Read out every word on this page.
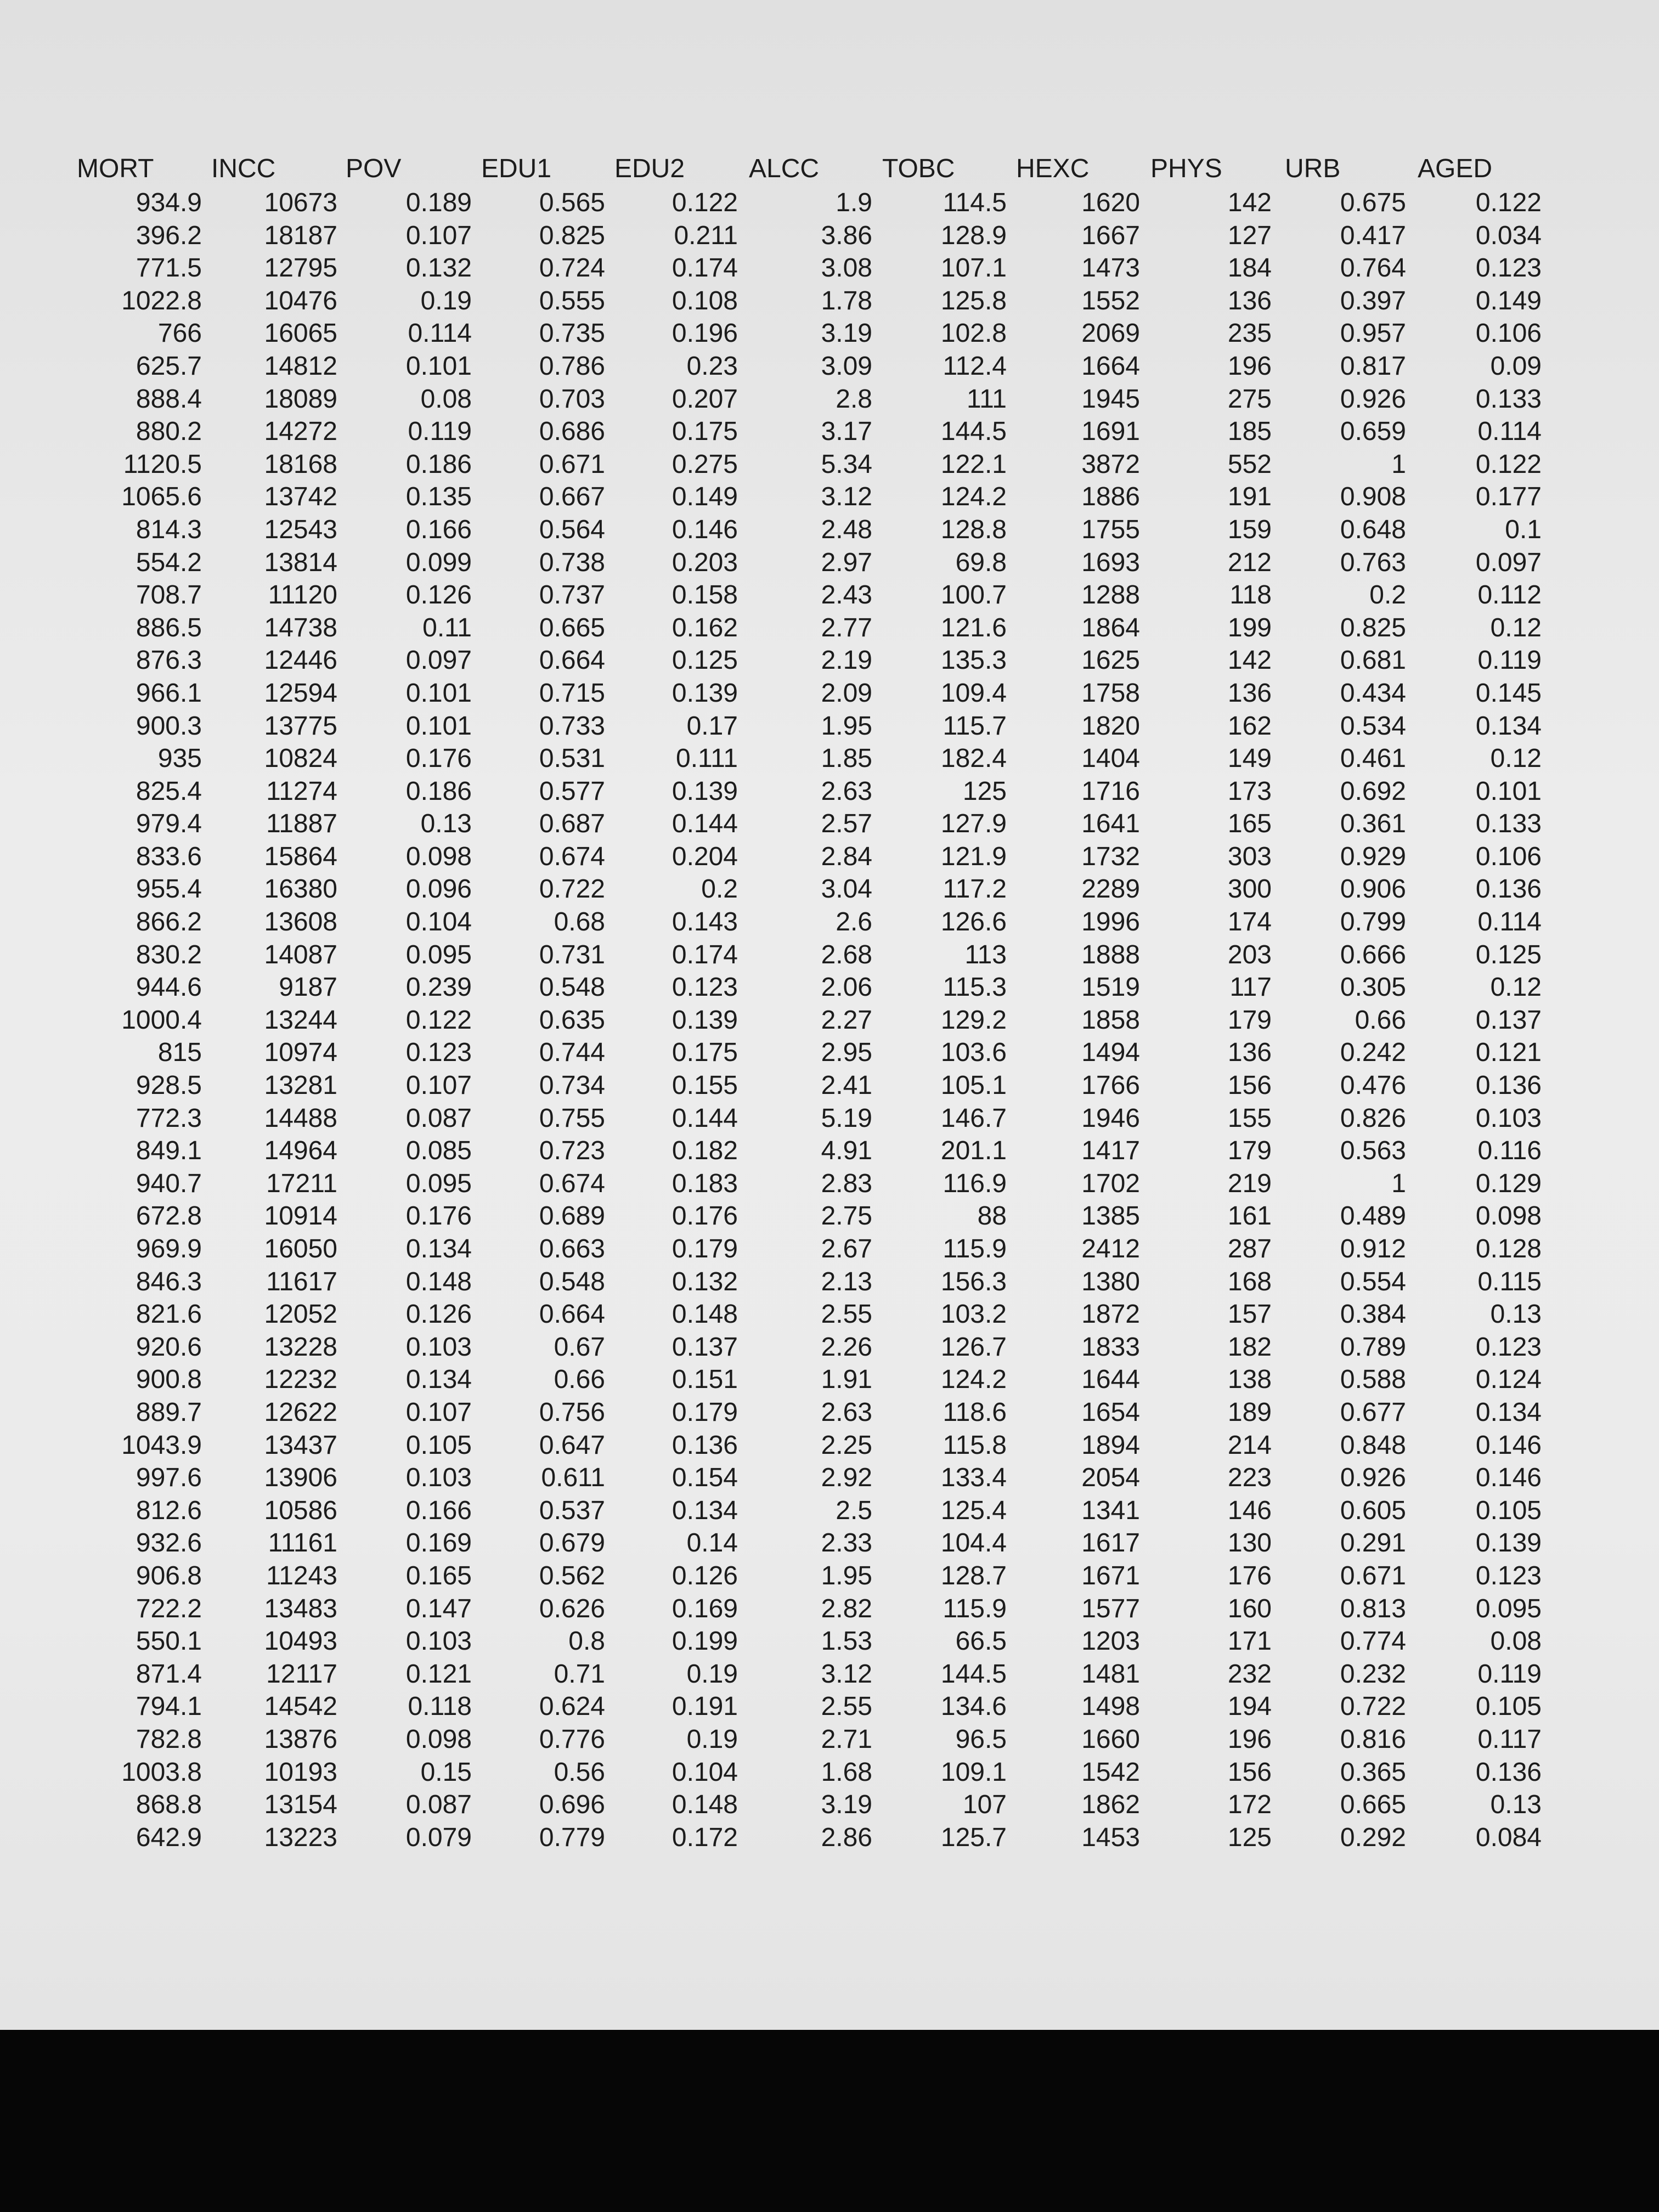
MORT INCC	POV	EDU1 EDU2 ALCC TOBC HEXC PHYS URB	AGED
934.9 10673	0.189	0.565	0.122	1.9	114.5	1620	142	0.675	0.122
396.2 18187	0.107	0.825	0.211	3.86	128.9	1667	127	0.417	0.034
771.5 12795	0.132	0.724	0.174	3.08	107.1	1473	184	0.764	0.123
1022.8 10476	0.19	0.555	0.108	1.78	125.8	1552	136	0.397	0.149
766 16065	0.114	0.735	0.196	3.19	102.8	2069	235	0.957	0.106
625.7 14812	0.101	0.786	0.23	3.09	112.4	1664	196	0.817	0.09
888.4 18089	0.08	0.703	0.207	2.8	111	1945	275	0.926	0.133
880.2 14272	0.119	0.686	0.175	3.17	144.5	1691	185	0.659	0.114
1120.5 18168	0.186	0.671	0.275	5.34	122.1	3872	552	1	0.122
1065.6 13742	0.135	0.667	0.149	3.12	124.2	1886	191	0.908	0.177
814.3 12543	0.166	0.564	0.146	2.48	128.8	1755	159	0.648	0.1
554.2 13814	0.099	0.738	0.203	2.97	69.8	1693	212	0.763	0.097
708.7	11120	0.126	0.737	0.158	2.43	100.7	1288	118	0.2	0.112
886.5 14738	0.11	0.665	0.162	2.77	121.6	1864	199	0.825	0.12
876.3 12446	0.097	0.664	0.125	2.19	135.3	1625	142	0.681	0.119
966.1 12594	0.101	0.715	0.139	2.09	109.4	1758	136	0.434	0.145
900.3 13775	0.101	0.733	0.17	1.95	115.7	1820	162	0.534	0.134
935 10824	0.176	0.531	0.111	1.85	182.4	1404	149	0.461	0.12
825.4 11274	0.186	0.577	0.139	2.63	125	1716	173	0.692	0.101
979.4 11887	0.13	0.687	0.144	2.57	127.9	1641	165	0.361	0.133
833.6 15864	0.098	0.674	0.204	2.84	121.9	1732	303	0.929	0.106
955.4 16380	0.096	0.722	0.2	3.04	117.2	2289	300	0.906	0.136
866.2 13608	0.104	0.68	0.143	2.6	126.6	1996	174	0.799	0.114
830.2 14087	0.095	0.731	0.174	2.68	113	1888	203	0.666	0.125
944.6	9187	0.239	0.548	0.123	2.06	115.3	1519	117	0.305	0.12
1000.4 13244	0.122	0.635	0.139	2.27	129.2	1858	179	0.66	0.137
815 10974	0.123	0.744	0.175	2.95	103.6	1494	136	0.242	0.121
928.5 13281	0.107	0.734	0.155	2.41	105.1	1766	156	0.476	0.136
772.3 14488	0.087	0.755	0.144	5.19	146.7	1946	155	0.826	0.103
849.1 14964	0.085	0.723	0.182	4.91	201.1	1417	179	0.563	0.116
940.7 17211	0.095	0.674	0.183	2.83	116.9	1702	219	1	0.129
672.8 10914	0.176	0.689	0.176	2.75	88	1385	161	0.489	0.098
969.9 16050	0.134	0.663	0.179	2.67	115.9	2412	287	0.912	0.128
846.3 11617	0.148	0.548	0.132	2.13	156.3	1380	168	0.554	0.115
821.6 12052	0.126	0.664	0.148	2.55	103.2	1872	157	0.384	0.13
920.6 13228	0.103	0.67	0.137	2.26	126.7	1833	182	0.789	0.123
900.8 12232	0.134	0.66	0.151	1.91	124.2	1644	138	0.588	0.124
889.7 12622	0.107	0.756	0.179	2.63	118.6	1654	189	0.677	0.134
1043.9 13437	0.105	0.647	0.136	2.25	115.8	1894	214	0.848	0.146
997.6 13906	0.103	0.611	0.154	2.92	133.4	2054	223	0.926	0.146
812.6 10586	0.166	0.537	0.134	2.5	125.4	1341	146	0.605	0.105
932.6	11161	0.169	0.679	0.14	2.33	104.4	1617	130	0.291	0.139
906.8 11243	0.165	0.562	0.126	1.95	128.7	1671	176	0.671	0.123
722.2 13483	0.147	0.626	0.169	2.82	115.9	1577	160	0.813	0.095
550.1 10493	0.103	0.8	0.199	1.53	66.5	1203	171	0.774	0.08
871.4 12117	0.121	0.71	0.19	3.12	144.5	1481	232	0.232	0.119
794.1 14542	0.118	0.624	0.191	2.55	134.6	1498	194	0.722	0.105
782.8 13876	0.098	0.776	0.19	2.71	96.5	1660	196	0.816	0.117
1003.8 10193	0.15	0.56	0.104	1.68	109.1	1542	156	0.365	0.136
868.8 13154	0.087	0.696	0.148	3.19	107	1862	172	0.665	0.13
642.9 13223	0.079	0.779	0.172	2.86	125.7	1453	125	0.292	0.084
